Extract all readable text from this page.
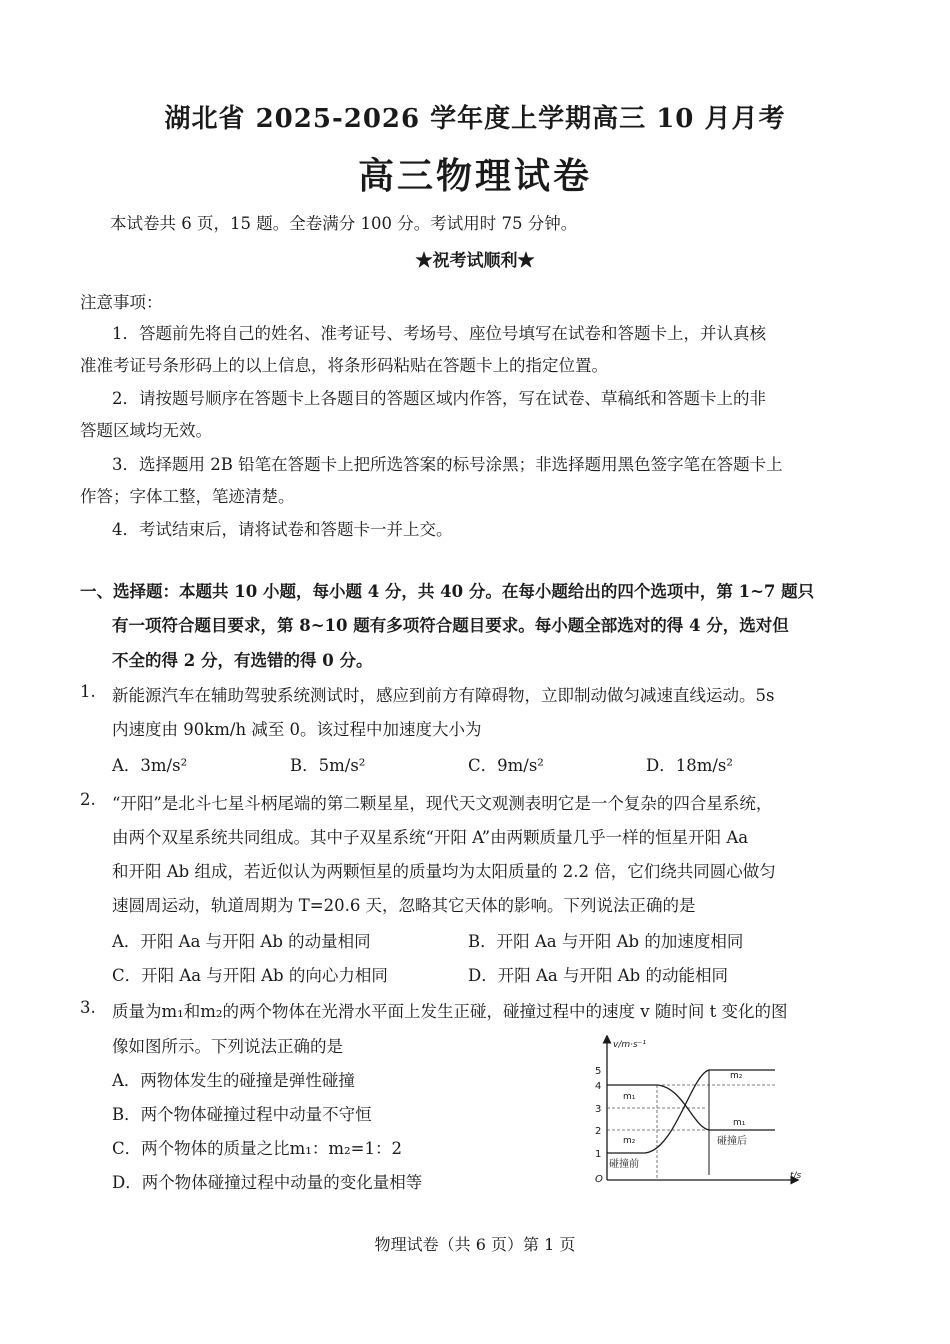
湖北省 2025-2026 学年度上学期高三 10 月月考
高三物理试卷
本试卷共 6 页，15 题。全卷满分 100 分。考试用时 75 分钟。
★祝考试顺利★
注意事项：
1．答题前先将自己的姓名、准考证号、考场号、座位号填写在试卷和答题卡上，并认真核
准准考证号条形码上的以上信息，将条形码粘贴在答题卡上的指定位置。
2．请按题号顺序在答题卡上各题目的答题区域内作答，写在试卷、草稿纸和答题卡上的非
答题区域均无效。
3．选择题用 2B 铅笔在答题卡上把所选答案的标号涂黑；非选择题用黑色签字笔在答题卡上
作答；字体工整，笔迹清楚。
4．考试结束后，请将试卷和答题卡一并上交。
一、选择题：本题共 10 小题，每小题 4 分，共 40 分。在每小题给出的四个选项中，第 1~7 题只
有一项符合题目要求，第 8~10 题有多项符合题目要求。每小题全部选对的得 4 分，选对但
不全的得 2 分，有选错的得 0 分。
1. 新能源汽车在辅助驾驶系统测试时，感应到前方有障碍物，立即制动做匀减速直线运动。5s
内速度由 90km/h 减至 0。该过程中加速度大小为
A．3m/s²	B．5m/s²	C．9m/s²	D．18m/s²
2. “开阳”是北斗七星斗柄尾端的第二颗星星，现代天文观测表明它是一个复杂的四合星系统，
由两个双星系统共同组成。其中子双星系统“开阳 A”由两颗质量几乎一样的恒星开阳 Aa
和开阳 Ab 组成，若近似认为两颗恒星的质量均为太阳质量的 2.2 倍，它们绕共同圆心做匀
速圆周运动，轨道周期为 T=20.6 天，忽略其它天体的影响。下列说法正确的是
A．开阳 Aa 与开阳 Ab 的动量相同	B．开阳 Aa 与开阳 Ab 的加速度相同
C．开阳 Aa 与开阳 Ab 的向心力相同	D．开阳 Aa 与开阳 Ab 的动能相同
3. 质量为m₁和m₂的两个物体在光滑水平面上发生正碰，碰撞过程中的速度 v 随时间 t 变化的图
像如图所示。下列说法正确的是
A．两物体发生的碰撞是弹性碰撞
B．两个物体碰撞过程中动量不守恒
C．两个物体的质量之比m₁：m₂=1：2
D．两个物体碰撞过程中动量的变化量相等
5
4
3
2
1
O
v/m·s⁻¹
t/s
m₁
m₂
m₂
m₁
碰撞后
碰撞前
物理试卷（共 6 页）第 1 页
